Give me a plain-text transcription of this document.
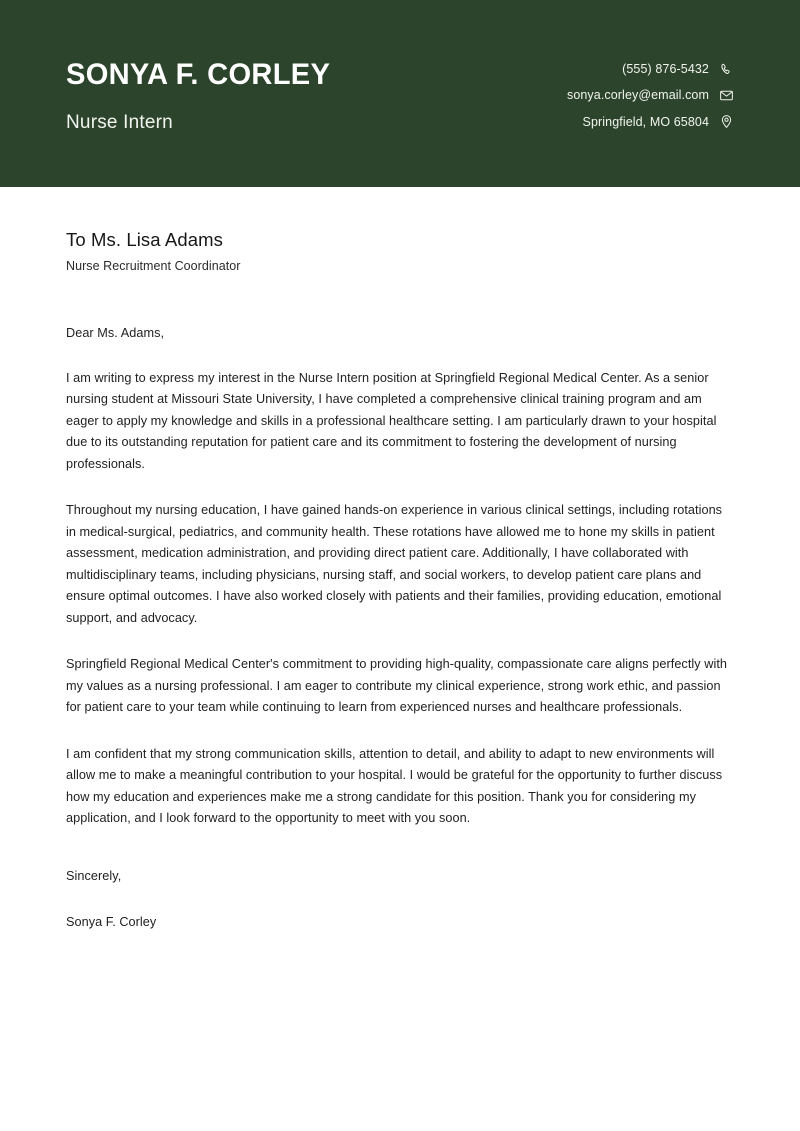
SONYA F. CORLEY
Nurse Intern
(555) 876-5432
sonya.corley@email.com
Springfield, MO 65804
To Ms. Lisa Adams
Nurse Recruitment Coordinator
Dear Ms. Adams,

I am writing to express my interest in the Nurse Intern position at Springfield Regional Medical Center. As a senior nursing student at Missouri State University, I have completed a comprehensive clinical training program and am eager to apply my knowledge and skills in a professional healthcare setting. I am particularly drawn to your hospital due to its outstanding reputation for patient care and its commitment to fostering the development of nursing professionals.

Throughout my nursing education, I have gained hands-on experience in various clinical settings, including rotations in medical-surgical, pediatrics, and community health. These rotations have allowed me to hone my skills in patient assessment, medication administration, and providing direct patient care. Additionally, I have collaborated with multidisciplinary teams, including physicians, nursing staff, and social workers, to develop patient care plans and ensure optimal outcomes. I have also worked closely with patients and their families, providing education, emotional support, and advocacy.

Springfield Regional Medical Center's commitment to providing high-quality, compassionate care aligns perfectly with my values as a nursing professional. I am eager to contribute my clinical experience, strong work ethic, and passion for patient care to your team while continuing to learn from experienced nurses and healthcare professionals.

I am confident that my strong communication skills, attention to detail, and ability to adapt to new environments will allow me to make a meaningful contribution to your hospital. I would be grateful for the opportunity to further discuss how my education and experiences make me a strong candidate for this position. Thank you for considering my application, and I look forward to the opportunity to meet with you soon.

Sincerely,
Sonya F. Corley
